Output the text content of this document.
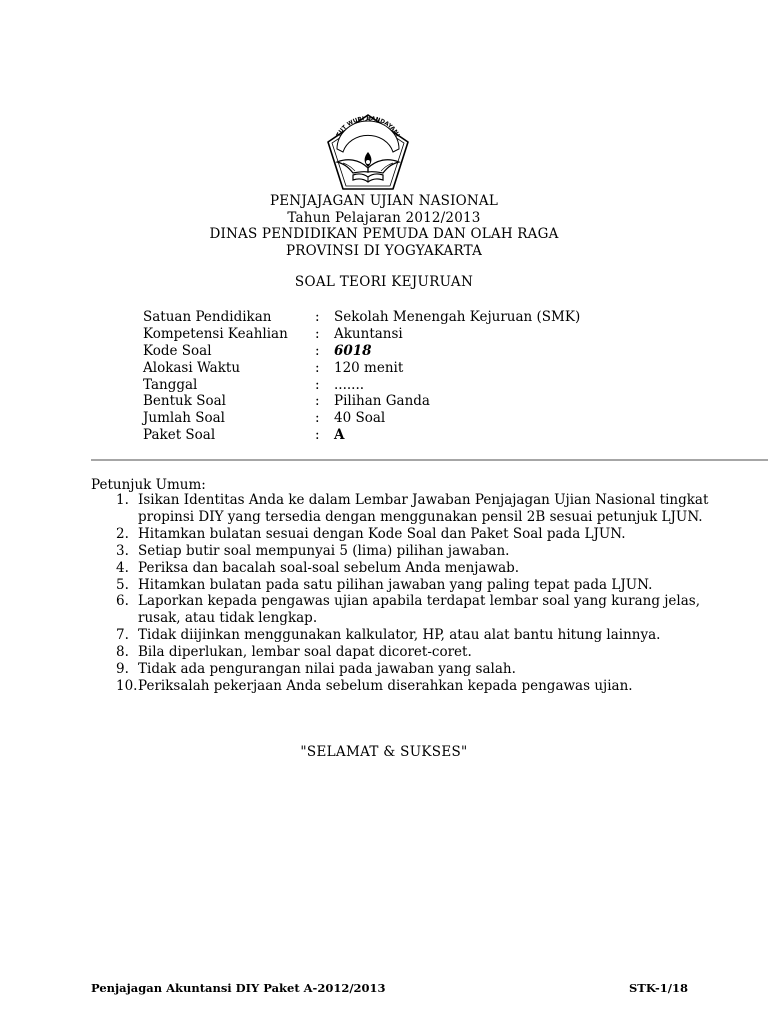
TUT WURI HANDAYANI
PENJAJAGAN UJIAN NASIONAL
Tahun Pelajaran 2012/2013
DINAS PENDIDIKAN PEMUDA DAN OLAH RAGA
PROVINSI DI YOGYAKARTA
SOAL TEORI KEJURUAN
Satuan Pendidikan	:	Sekolah Menengah Kejuruan (SMK)
Kompetensi Keahlian	:	Akuntansi
Kode Soal	:	6018
Alokasi Waktu	:	120 menit
Tanggal	:	.......
Bentuk Soal	:	Pilihan Ganda
Jumlah Soal	:	40 Soal
Paket Soal	:	A
Petunjuk Umum:
1. Isikan Identitas Anda ke dalam Lembar Jawaban Penjajagan Ujian Nasional tingkat
propinsi DIY yang tersedia dengan menggunakan pensil 2B sesuai petunjuk LJUN.
2. Hitamkan bulatan sesuai dengan Kode Soal dan Paket Soal pada LJUN.
3. Setiap butir soal mempunyai 5 (lima) pilihan jawaban.
4. Periksa dan bacalah soal-soal sebelum Anda menjawab.
5. Hitamkan bulatan pada satu pilihan jawaban yang paling tepat pada LJUN.
6. Laporkan kepada pengawas ujian apabila terdapat lembar soal yang kurang jelas,
rusak, atau tidak lengkap.
7. Tidak diijinkan menggunakan kalkulator, HP, atau alat bantu hitung lainnya.
8. Bila diperlukan, lembar soal dapat dicoret-coret.
9. Tidak ada pengurangan nilai pada jawaban yang salah.
10. Periksalah pekerjaan Anda sebelum diserahkan kepada pengawas ujian.
"SELAMAT & SUKSES"
Penjajagan Akuntansi DIY Paket A-2012/2013	STK-1/18
